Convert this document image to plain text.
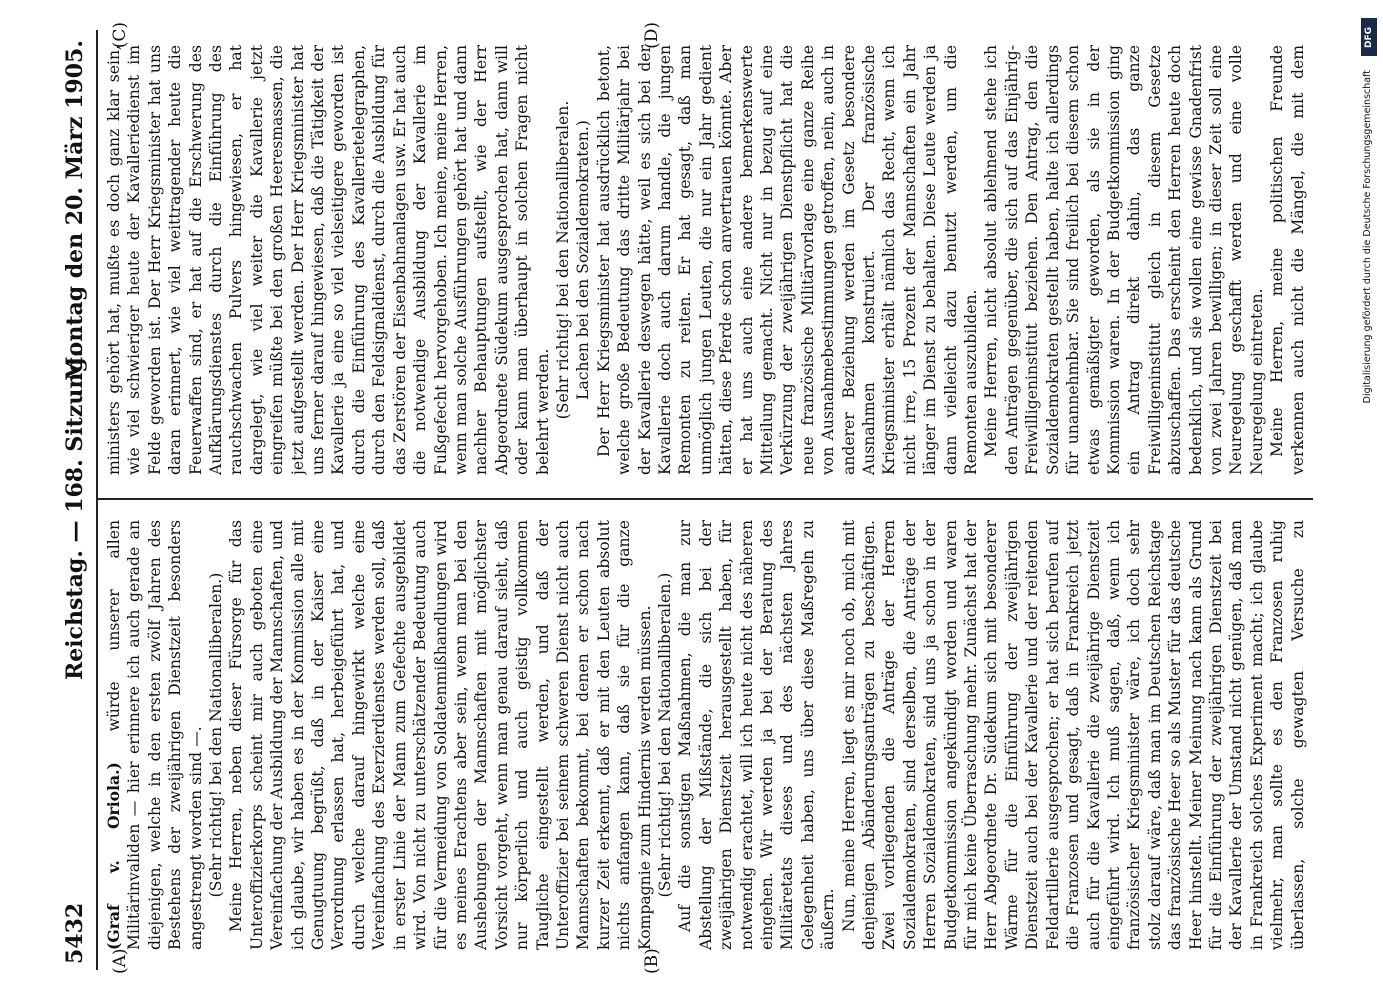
5432
Reichstag. — 168. Sitzung.
Montag den 20. März 1905.
(A)	(B)
(C)	(D)

(Graf v. Oriola.) würde unserer allen Militärinvaliden — hier erinnere ich auch gerade an diejenigen, welche in den ersten zwölf Jahren des Bestehens der zweijährigen Dienstzeit besonders angestrengt worden sind —. (Sehr richtig! bei den Nationalliberalen.) Meine Herren, neben dieser Fürsorge für das Unteroffizierkorps scheint mir auch geboten eine Vereinfachung der Ausbildung der Mannschaften, und ich glaube, wir haben es in der Kommission alle mit Genugtuung begrüßt, daß in der Kaiser eine Verordnung erlassen hat, herbeigeführt hat, und durch welche darauf hingewirkt welche eine Vereinfachung des Exerzierdienstes werden soll, daß in erster Linie der Mann zum Gefechte ausgebildet wird. Von nicht zu unterschätzender Bedeutung auch für die Vermeidung von Soldatenmißhandlungen wird es meines Erachtens aber sein, wenn man bei den Aushebungen der Mannschaften mit möglichster Vorsicht vorgeht, wenn man genau darauf sieht, daß nur körperlich und auch geistig vollkommen Taugliche eingestellt werden, und daß der Unteroffizier bei seinem schweren Dienst nicht auch Mannschaften bekommt, bei denen er schon nach kurzer Zeit erkennt, daß er mit den Leuten absolut nichts anfangen kann, daß sie für die ganze Kompagnie zum Hindernis werden müssen. (Sehr richtig! bei den Nationalliberalen.) Auf die sonstigen Maßnahmen, die man zur Abstellung der Mißstände, die sich bei der zweijährigen Dienstzeit herausgestellt haben, für notwendig erachtet, will ich heute nicht des näheren eingehen. Wir werden ja bei der Beratung des Militäretats dieses und des nächsten Jahres Gelegenheit haben, uns über diese Maßregeln zu äußern. Nun, meine Herren, liegt es mir noch ob, mich mit denjenigen Abänderungsanträgen zu beschäftigen. Zwei vorliegenden die Anträge der Herren Sozialdemokraten, sind derselben, die Anträge der Herren Sozialdemokraten, sind uns ja schon in der Budgetkommission angekündigt worden und waren für mich keine Überraschung mehr. Zunächst hat der Herr Abgeordnete Dr. Südekum sich mit besonderer Wärme für die Einführung der zweijährigen Dienstzeit auch bei der Kavallerie und der reitenden Feldartillerie ausgesprochen; er hat sich berufen auf die Franzosen und gesagt, daß in Frankreich jetzt auch für die Kavallerie die zweijährige Dienstzeit eingeführt wird. Ich muß sagen, daß, wenn ich französischer Kriegsminister wäre, ich doch sehr stolz darauf wäre, daß man im Deutschen Reichstage das französische Heer so als Muster für das deutsche Heer hinstellt. Meiner Meinung nach kann als Grund für die Einführung der zweijährigen Dienstzeit bei der Kavallerie der Umstand nicht genügen, daß man in Frankreich solches Experiment macht; ich glaube vielmehr, man sollte es den Franzosen ruhig überlassen, solche gewagten Versuche zu

ministers gehört hat, mußte es doch ganz klar sein, wie viel schwieriger heute der Kavalleriedienst im Felde geworden ist. Der Herr Kriegsminister hat uns daran erinnert, wie viel weittragender heute die Feuerwaffen sind, er hat auf die Erschwerung des Aufklärungsdienstes durch die Einführung des rauchschwachen Pulvers hingewiesen, er hat dargelegt, wie viel weiter die Kavallerie jetzt eingreifen müßte bei den großen Heeresmassen, die jetzt aufgestellt werden. Der Herr Kriegsminister hat uns ferner darauf hingewiesen, daß die Tätigkeit der Kavallerie ja eine so viel vielseitigere geworden ist durch die Einführung des Kavallerietelegraphen, durch den Feldsignaldienst, durch die Ausbildung für das Zerstören der Eisenbahnanlagen usw. Er hat auch die notwendige Ausbildung der Kavallerie im Fußgefecht hervorgehoben. Ich meine, meine Herren, wenn man solche Ausführungen gehört hat und dann nachher Behauptungen aufstellt, wie der Herr Abgeordnete Südekum ausgesprochen hat, dann will oder kann man überhaupt in solchen Fragen nicht belehrt werden. (Sehr richtig! bei den Nationalliberalen. Lachen bei den Sozialdemokraten.) Der Herr Kriegsminister hat ausdrücklich betont, welche große Bedeutung das dritte Militärjahr bei der Kavallerie deswegen hätte, weil es sich bei der Kavallerie doch auch darum handle, die jungen Remonten zu reiten. Er hat gesagt, daß man unmöglich jungen Leuten, die nur ein Jahr gedient hätten, diese Pferde schon anvertrauen könnte. Aber er hat uns auch eine andere bemerkenswerte Mitteilung gemacht. Nicht nur in bezug auf eine Verkürzung der zweijährigen Dienstpflicht hat die neue französische Militärvorlage eine ganze Reihe von Ausnahmebestimmungen getroffen, nein, auch in anderer Beziehung werden im Gesetz besondere Ausnahmen konstruiert. Der französische Kriegsminister erhält nämlich das Recht, wenn ich nicht irre, 15 Prozent der Mannschaften ein Jahr länger im Dienst zu behalten. Diese Leute werden ja dann vielleicht dazu benutzt werden, um die Remonten auszubilden. Meine Herren, nicht absolut ablehnend stehe ich den Anträgen gegenüber, die sich auf das Einjährig-Freiwilligeninstitut beziehen. Den Antrag, den die Sozialdemokraten gestellt haben, halte ich allerdings für unannehmbar. Sie sind freilich bei diesem schon etwas gemäßigter geworden, als sie in der Kommission waren. In der Budgetkommission ging ein Antrag direkt dahin, das ganze Freiwilligeninstitut gleich in diesem Gesetze abzuschaffen. Das erscheint den Herren heute doch bedenklich, und sie wollen eine gewisse Gnadenfrist von zwei Jahren bewilligen; in dieser Zeit soll eine Neuregelung geschafft werden und eine volle Neuregelung eintreten. Meine Herren, meine politischen Freunde verkennen auch nicht die Mängel, die mit dem

DFG
Digitalisierung gefördert durch die Deutsche Forschungsgemeinschaft
